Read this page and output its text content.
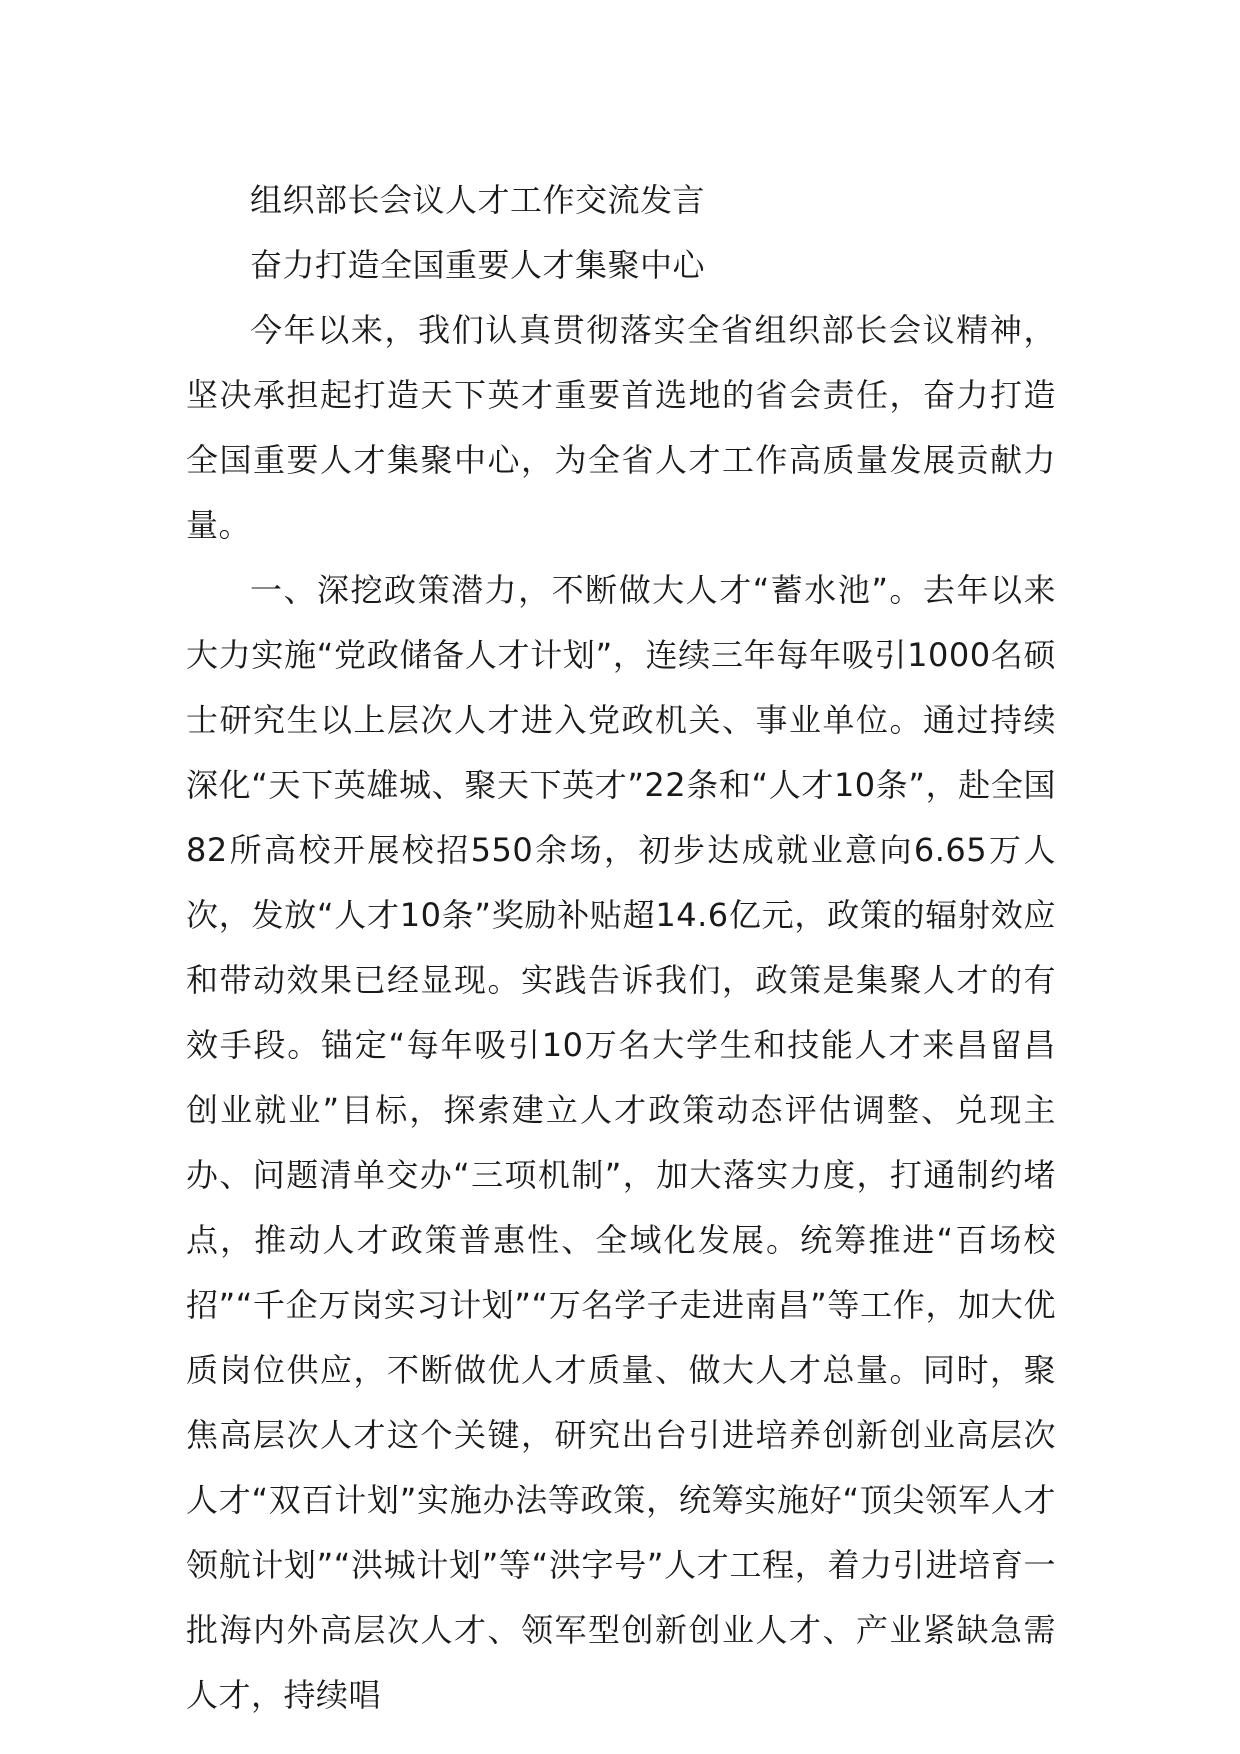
组织部长会议人才工作交流发言

奋力打造全国重要人才集聚中心

今年以来，我们认真贯彻落实全省组织部长会议精神，坚决承担起打造天下英才重要首选地的省会责任，奋力打造全国重要人才集聚中心，为全省人才工作高质量发展贡献力量。

一、深挖政策潜力，不断做大人才“蓄水池”。去年以来大力实施“党政储备人才计划”，连续三年每年吸引1000名硕士研究生以上层次人才进入党政机关、事业单位。通过持续深化“天下英雄城、聚天下英才”22条和“人才10条”，赴全国82所高校开展校招550余场，初步达成就业意向6.65万人次，发放“人才10条”奖励补贴超14.6亿元，政策的辐射效应和带动效果已经显现。实践告诉我们，政策是集聚人才的有效手段。锚定“每年吸引10万名大学生和技能人才来昌留昌创业就业”目标，探索建立人才政策动态评估调整、兑现主办、问题清单交办“三项机制”，加大落实力度，打通制约堵点，推动人才政策普惠性、全域化发展。统筹推进“百场校招”“千企万岗实习计划”“万名学子走进南昌”等工作，加大优质岗位供应，不断做优人才质量、做大人才总量。同时，聚焦高层次人才这个关键，研究出台引进培养创新创业高层次人才“双百计划”实施办法等政策，统筹实施好“顶尖领军人才领航计划”“洪城计划”等“洪字号”人才工程，着力引进培育一批海内外高层次人才、领军型创新创业人才、产业紧缺急需人才，持续唱
